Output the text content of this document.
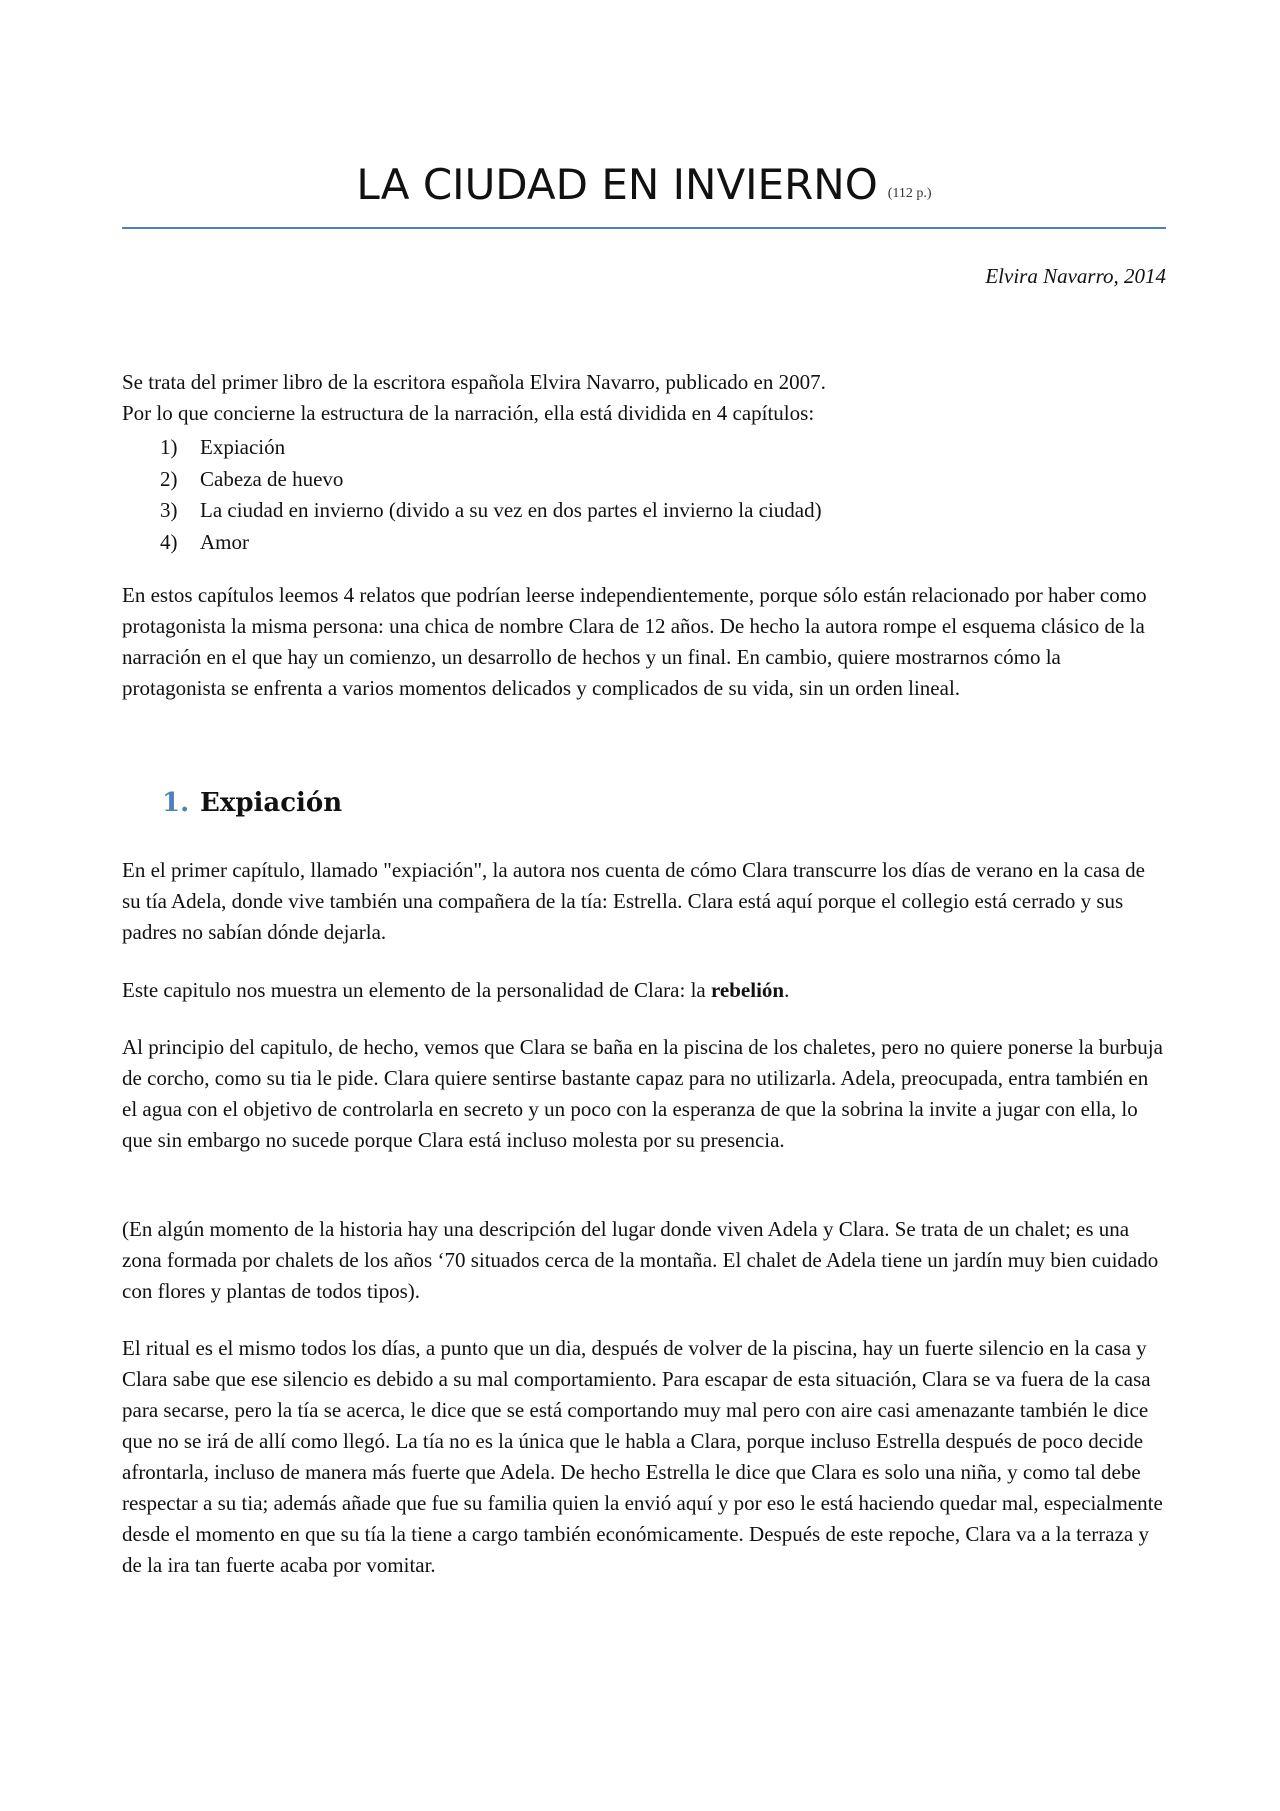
LA CIUDAD EN INVIERNO (112 p.)
Elvira Navarro, 2014

Se trata del primer libro de la escritora española Elvira Navarro, publicado en 2007.

Por lo que concierne la estructura de la narración, ella está dividida en 4 capítulos:

1) Expiación
2) Cabeza de huevo
3) La ciudad en invierno (divido a su vez en dos partes el invierno la ciudad)
4) Amor

En estos capítulos leemos 4 relatos que podrían leerse independientemente, porque sólo están relacionado por haber como protagonista la misma persona: una chica de nombre Clara de 12 años. De hecho la autora rompe el esquema clásico de la narración en el que hay un comienzo, un desarrollo de hechos y un final. En cambio, quiere mostrarnos cómo la protagonista se enfrenta a varios momentos delicados y complicados de su vida, sin un orden lineal.

1. Expiación

En el primer capítulo, llamado "expiación", la autora nos cuenta de cómo Clara transcurre los días de verano en la casa de su tía Adela, donde vive también una compañera de la tía: Estrella. Clara está aquí porque el collegio está cerrado y sus padres no sabían dónde dejarla.

Este capitulo nos muestra un elemento de la personalidad de Clara: la rebelión.

Al principio del capitulo, de hecho, vemos que Clara se baña en la piscina de los chaletes, pero no quiere ponerse la burbuja de corcho, como su tia le pide. Clara quiere sentirse bastante capaz para no utilizarla. Adela, preocupada, entra también en el agua con el objetivo de controlarla en secreto y un poco con la esperanza de que la sobrina la invite a jugar con ella, lo que sin embargo no sucede porque Clara está incluso molesta por su presencia.

(En algún momento de la historia hay una descripción del lugar donde viven Adela y Clara. Se trata de un chalet; es una zona formada por chalets de los años ‘70 situados cerca de la montaña. El chalet de Adela tiene un jardín muy bien cuidado con flores y plantas de todos tipos).

El ritual es el mismo todos los días, a punto que un dia, después de volver de la piscina, hay un fuerte silencio en la casa y Clara sabe que ese silencio es debido a su mal comportamiento. Para escapar de esta situación, Clara se va fuera de la casa para secarse, pero la tía se acerca, le dice que se está comportando muy mal pero con aire casi amenazante también le dice que no se irá de allí como llegó. La tía no es la única que le habla a Clara, porque incluso Estrella después de poco decide afrontarla, incluso de manera más fuerte que Adela. De hecho Estrella le dice que Clara es solo una niña, y como tal debe respectar a su tia; además añade que fue su familia quien la envió aquí y por eso le está haciendo quedar mal, especialmente desde el momento en que su tía la tiene a cargo también económicamente. Después de este repoche, Clara va a la terraza y de la ira tan fuerte acaba por vomitar.
